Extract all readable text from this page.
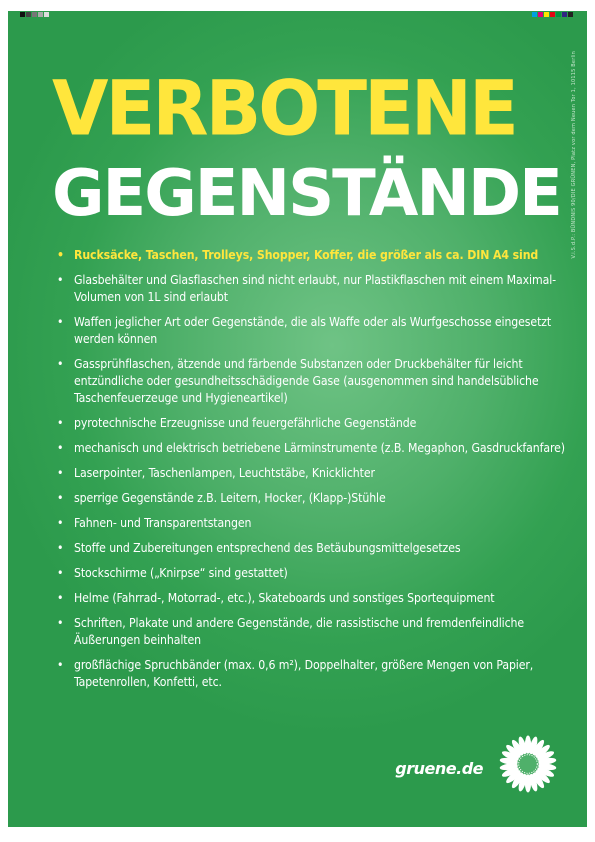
VERBOTENE
GEGENSTÄNDE
• Rucksäcke, Taschen, Trolleys, Shopper, Koffer, die größer als ca. DIN A4 sind
• Glasbehälter und Glasflaschen sind nicht erlaubt, nur Plastikflaschen mit einem Maximal-Volumen von 1L sind erlaubt
• Waffen jeglicher Art oder Gegenstände, die als Waffe oder als Wurfgeschosse eingesetzt werden können
• Gassprühflaschen, ätzende und färbende Substanzen oder Druckbehälter für leicht entzündliche oder gesundheitsschädigende Gase (ausgenommen sind handelsübliche Taschenfeuerzeuge und Hygieneartikel)
• pyrotechnische Erzeugnisse und feuergefährliche Gegenstände
• mechanisch und elektrisch betriebene Lärminstrumente (z.B. Megaphon, Gasdruckfanfare)
• Laserpointer, Taschenlampen, Leuchtstäbe, Knicklichter
• sperrige Gegenstände z.B. Leitern, Hocker, (Klapp-)Stühle
• Fahnen- und Transparentstangen
• Stoffe und Zubereitungen entsprechend des Betäubungsmittelgesetzes
• Stockschirme („Knirpse“ sind gestattet)
• Helme (Fahrrad-, Motorrad-, etc.), Skateboards und sonstiges Sportequipment
• Schriften, Plakate und andere Gegenstände, die rassistische und fremdenfeindliche Äußerungen beinhalten
• großflächige Spruchbänder (max. 0,6 m²), Doppelhalter, größere Mengen von Papier, Tapetenrollen, Konfetti, etc.
V.i.S.d.P.: BÜNDNIS 90/DIE GRÜNEN, Platz vor dem Neuen Tor 1, 10115 Berlin
gruene.de
